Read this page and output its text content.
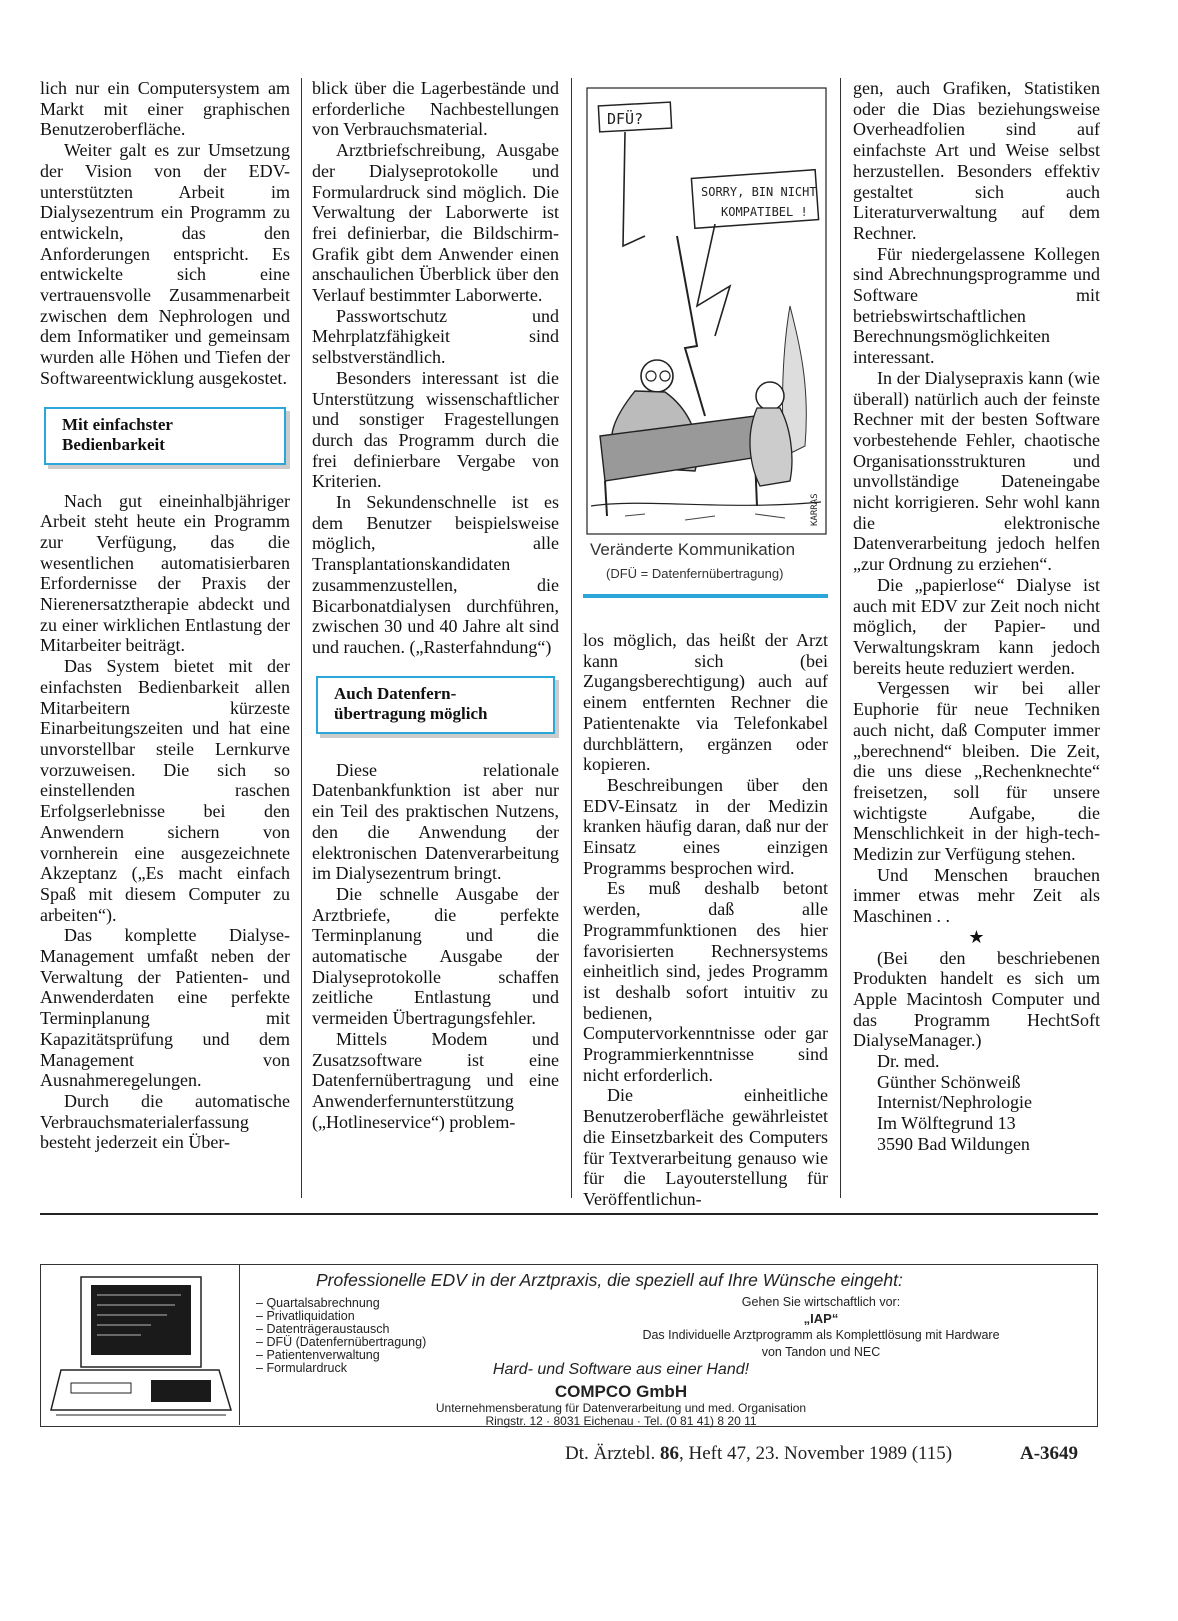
lich nur ein Computersystem am Markt mit einer graphischen Benutzeroberfläche.

Weiter galt es zur Umsetzung der Vision von der EDV-unterstützten Arbeit im Dialysezentrum ein Programm zu entwickeln, das den Anforderungen entspricht. Es entwickelte sich eine vertrauensvolle Zusammenarbeit zwischen dem Nephrologen und dem Informatiker und gemeinsam wurden alle Höhen und Tiefen der Softwareentwicklung ausgekostet.

Mit einfachster
Bedienbarkeit

Nach gut eineinhalbjähriger Arbeit steht heute ein Programm zur Verfügung, das die wesentlichen automatisierbaren Erfordernisse der Praxis der Nierenersatztherapie abdeckt und zu einer wirklichen Entlastung der Mitarbeiter beiträgt.

Das System bietet mit der einfachsten Bedienbarkeit allen Mitarbeitern kürzeste Einarbeitungszeiten und hat eine unvorstellbar steile Lernkurve vorzuweisen. Die sich so einstellenden raschen Erfolgserlebnisse bei den Anwendern sichern von vornherein eine ausgezeichnete Akzeptanz („Es macht einfach Spaß mit diesem Computer zu arbeiten“).

Das komplette Dialyse-Management umfaßt neben der Verwaltung der Patienten- und Anwenderdaten eine perfekte Terminplanung mit Kapazitätsprüfung und dem Management von Ausnahmeregelungen.

Durch die automatische Verbrauchsmaterialerfassung besteht jederzeit ein Über-

blick über die Lagerbestände und erforderliche Nachbestellungen von Verbrauchsmaterial.

Arztbriefschreibung, Ausgabe der Dialyseprotokolle und Formulardruck sind möglich. Die Verwaltung der Laborwerte ist frei definierbar, die Bildschirm-Grafik gibt dem Anwender einen anschaulichen Überblick über den Verlauf bestimmter Laborwerte.

Passwortschutz und Mehrplatzfähigkeit sind selbstverständlich.

Besonders interessant ist die Unterstützung wissenschaftlicher und sonstiger Fragestellungen durch das Programm durch die frei definierbare Vergabe von Kriterien.

In Sekundenschnelle ist es dem Benutzer beispielsweise möglich, alle Transplantationskandidaten zusammenzustellen, die Bicarbonatdialysen durchführen, zwischen 30 und 40 Jahre alt sind und rauchen. („Rasterfahndung“)

Auch Datenfern-
übertragung möglich

Diese relationale Datenbankfunktion ist aber nur ein Teil des praktischen Nutzens, den die Anwendung der elektronischen Datenverarbeitung im Dialysezentrum bringt.

Die schnelle Ausgabe der Arztbriefe, die perfekte Terminplanung und die automatische Ausgabe der Dialyseprotokolle schaffen zeitliche Entlastung und vermeiden Übertragungsfehler.

Mittels Modem und Zusatzsoftware ist eine Datenfernübertragung und eine Anwenderfernunterstützung („Hotlineservice“) problem-

DFÜ?
SORRY, BIN NICHT
KOMPATIBEL !
KARRAS
Veränderte Kommunikation
(DFÜ = Datenfernübertragung)

los möglich, das heißt der Arzt kann sich (bei Zugangsberechtigung) auch auf einem entfernten Rechner die Patientenakte via Telefonkabel durchblättern, ergänzen oder kopieren.

Beschreibungen über den EDV-Einsatz in der Medizin kranken häufig daran, daß nur der Einsatz eines einzigen Programms besprochen wird.

Es muß deshalb betont werden, daß alle Programmfunktionen des hier favorisierten Rechnersystems einheitlich sind, jedes Programm ist deshalb sofort intuitiv zu bedienen, Computervorkenntnisse oder gar Programmierkenntnisse sind nicht erforderlich.

Die einheitliche Benutzeroberfläche gewährleistet die Einsetzbarkeit des Computers für Textverarbeitung genauso wie für die Layouterstellung für Veröffentlichun-

gen, auch Grafiken, Statistiken oder die Dias beziehungsweise Overheadfolien sind auf einfachste Art und Weise selbst herzustellen. Besonders effektiv gestaltet sich auch Literaturverwaltung auf dem Rechner.

Für niedergelassene Kollegen sind Abrechnungsprogramme und Software mit betriebswirtschaftlichen Berechnungsmöglichkeiten interessant.

In der Dialysepraxis kann (wie überall) natürlich auch der feinste Rechner mit der besten Software vorbestehende Fehler, chaotische Organisationsstrukturen und unvollständige Dateneingabe nicht korrigieren. Sehr wohl kann die elektronische Datenverarbeitung jedoch helfen „zur Ordnung zu erziehen“.

Die „papierlose“ Dialyse ist auch mit EDV zur Zeit noch nicht möglich, der Papier- und Verwaltungskram kann jedoch bereits heute reduziert werden.

Vergessen wir bei aller Euphorie für neue Techniken auch nicht, daß Computer immer „berechnend“ bleiben. Die Zeit, die uns diese „Rechenknechte“ freisetzen, soll für unsere wichtigste Aufgabe, die Menschlichkeit in der high-tech-Medizin zur Verfügung stehen.

Und Menschen brauchen immer etwas mehr Zeit als Maschinen . .

★

(Bei den beschriebenen Produkten handelt es sich um Apple Macintosh Computer und das Programm HechtSoft DialyseManager.)

Dr. med.

Günther Schönweiß

Internist/Nephrologie

Im Wölftegrund 13

3590 Bad Wildungen

Professionelle EDV in der Arztpraxis, die speziell auf Ihre Wünsche eingeht:
– Quartalsabrechnung
– Privatliquidation
– Datenträgeraustausch
– DFÜ (Datenfernübertragung)
– Patientenverwaltung
– Formulardruck
Gehen Sie wirtschaftlich vor:
„IAP“
Das Individuelle Arztprogramm als Komplettlösung mit Hardware
von Tandon und NEC
Hard- und Software aus einer Hand!
COMPCO GmbH
Unternehmensberatung für Datenverarbeitung und med. Organisation
Ringstr. 12 · 8031 Eichenau · Tel. (0 81 41) 8 20 11
Dt. Ärztebl. 86, Heft 47, 23. November 1989 (115)	A-3649
